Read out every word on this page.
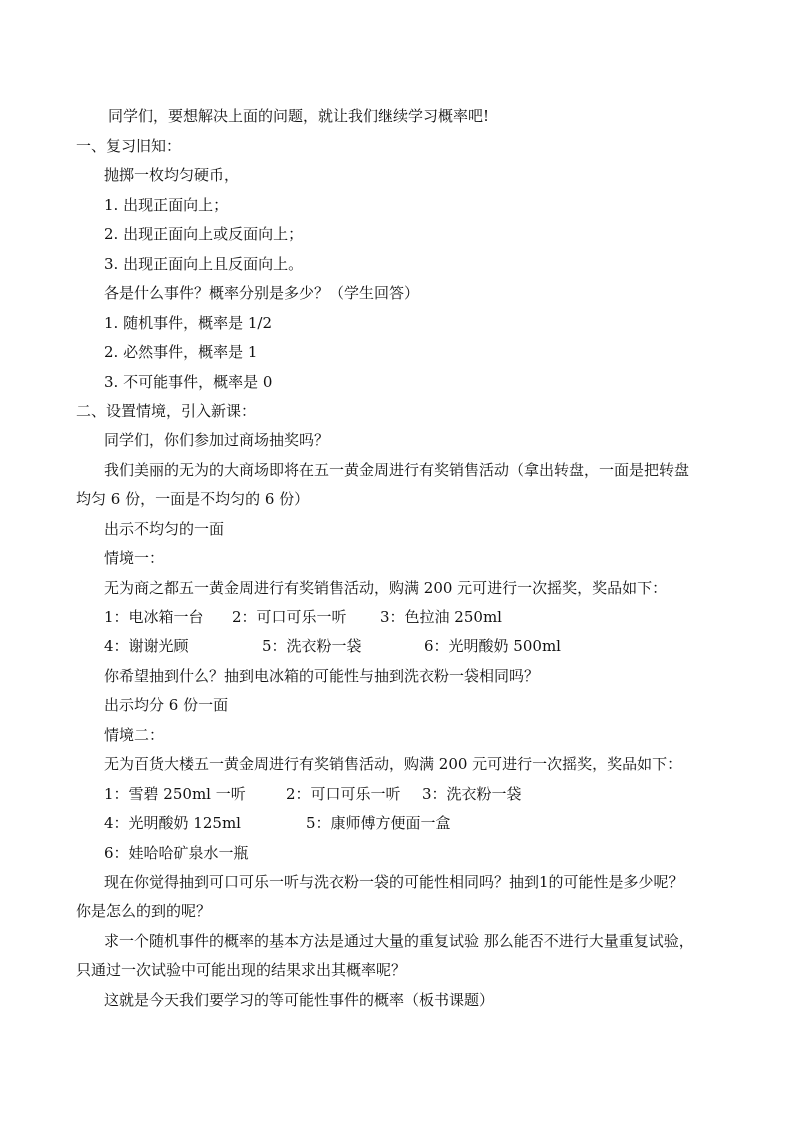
同学们，要想解决上面的问题，就让我们继续学习概率吧!
一、复习旧知：
抛掷一枚均匀硬币，
1. 出现正面向上；
2. 出现正面向上或反面向上；
3. 出现正面向上且反面向上。
各是什么事件？概率分别是多少？（学生回答）
1. 随机事件，概率是 1/2
2. 必然事件，概率是 1
3. 不可能事件，概率是 0
二、设置情境，引入新课：
同学们，你们参加过商场抽奖吗？
我们美丽的无为的大商场即将在五一黄金周进行有奖销售活动（拿出转盘，一面是把转盘
均匀 6 份，一面是不均匀的 6 份）
出示不均匀的一面
情境一：
无为商之都五一黄金周进行有奖销售活动，购满 200 元可进行一次摇奖，奖品如下：
1：电冰箱一台 2：可口可乐一听 3：色拉油 250ml
4：谢谢光顾	5：洗衣粉一袋	6：光明酸奶 500ml
你希望抽到什么？抽到电冰箱的可能性与抽到洗衣粉一袋相同吗？
出示均分 6 份一面
情境二：
无为百货大楼五一黄金周进行有奖销售活动，购满 200 元可进行一次摇奖，奖品如下：
1：雪碧 250ml 一听	2：可口可乐一听 3：洗衣粉一袋
4：光明酸奶 125ml	5：康师傅方便面一盒
6：娃哈哈矿泉水一瓶
现在你觉得抽到可口可乐一听与洗衣粉一袋的可能性相同吗？抽到1的可能性是多少呢？
你是怎么的到的呢？
求一个随机事件的概率的基本方法是通过大量的重复试验 那么能否不进行大量重复试验，
只通过一次试验中可能出现的结果求出其概率呢？
这就是今天我们要学习的等可能性事件的概率（板书课题）
